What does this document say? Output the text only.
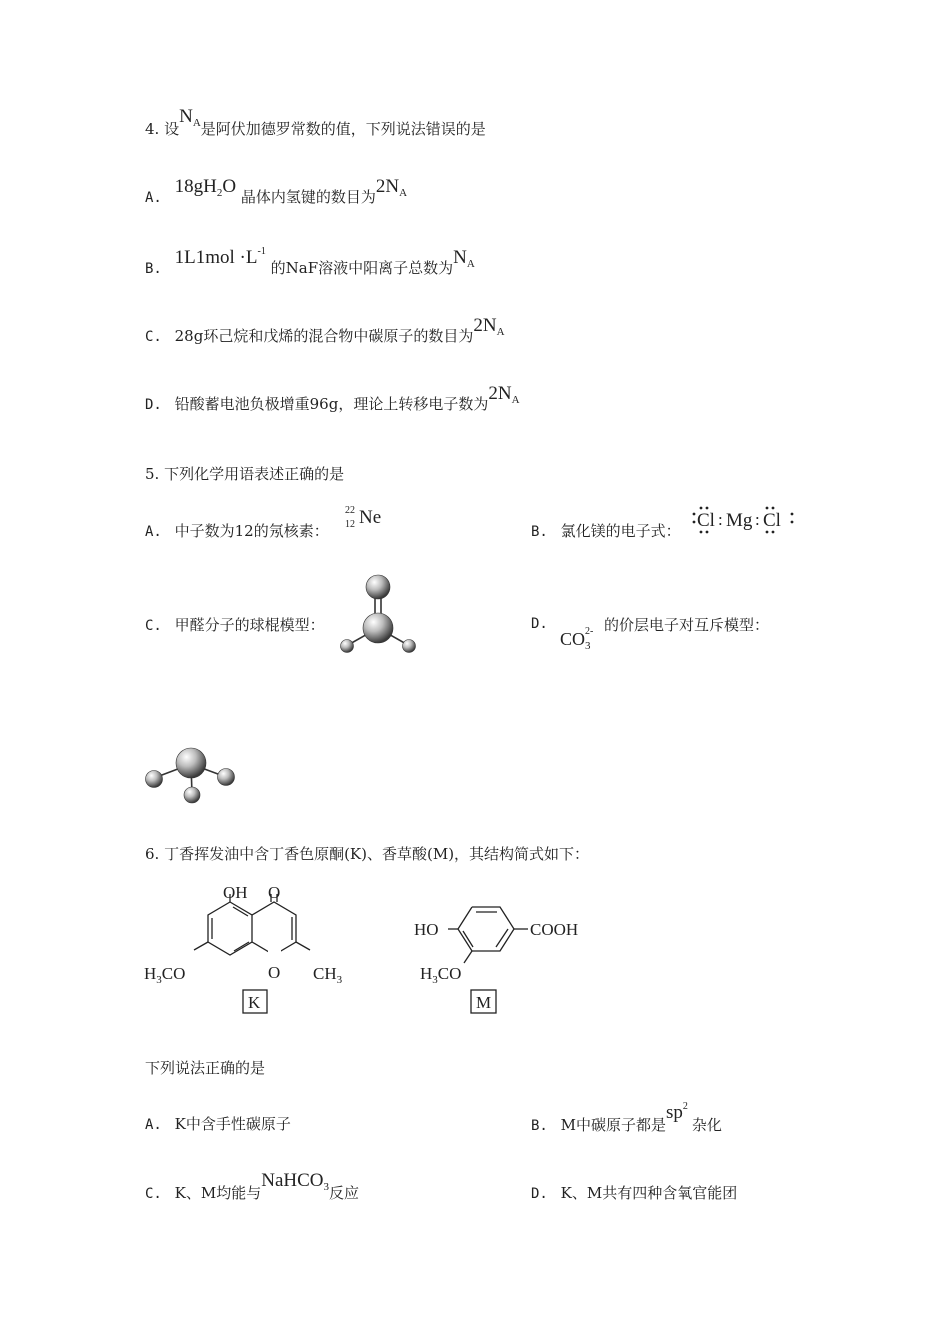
4. 设$N_A$是阿伏加德罗常数的值，下列说法错误的是
A. $18gH_2O$ 晶体内氢键的数目为$2N_A$
B. $1L1mol \cdot L^{-1}$ 的NaF溶液中阳离子总数为$N_A$
C. 28g环己烷和戊烯的混合物中碳原子的数目为$2N_A$
D. 铅酸蓄电池负极增重96g，理论上转移电子数为$2N_A$
5. 下列化学用语表述正确的是
A. 中子数为12的氖核素：
22
12 Ne
B. 氯化镁的电子式： Cl : Mg : Cl
C. 甲醛分子的球棍模型：	D.
CO 2-
3
的价层电子对互斥模型：
6. 丁香挥发油中含丁香色原酮(K)、香草酸(M)，其结构简式如下：
OH O
$H_3CO$	O $CH_3$
K
HO	COOH
$H_3CO$
M
下列说法正确的是
A. K中含手性碳原子	B. M中碳原子都是$sp^2$杂化
C. K、M均能与NaHCO$_3$反应	D. K、M共有四种含氧官能团
